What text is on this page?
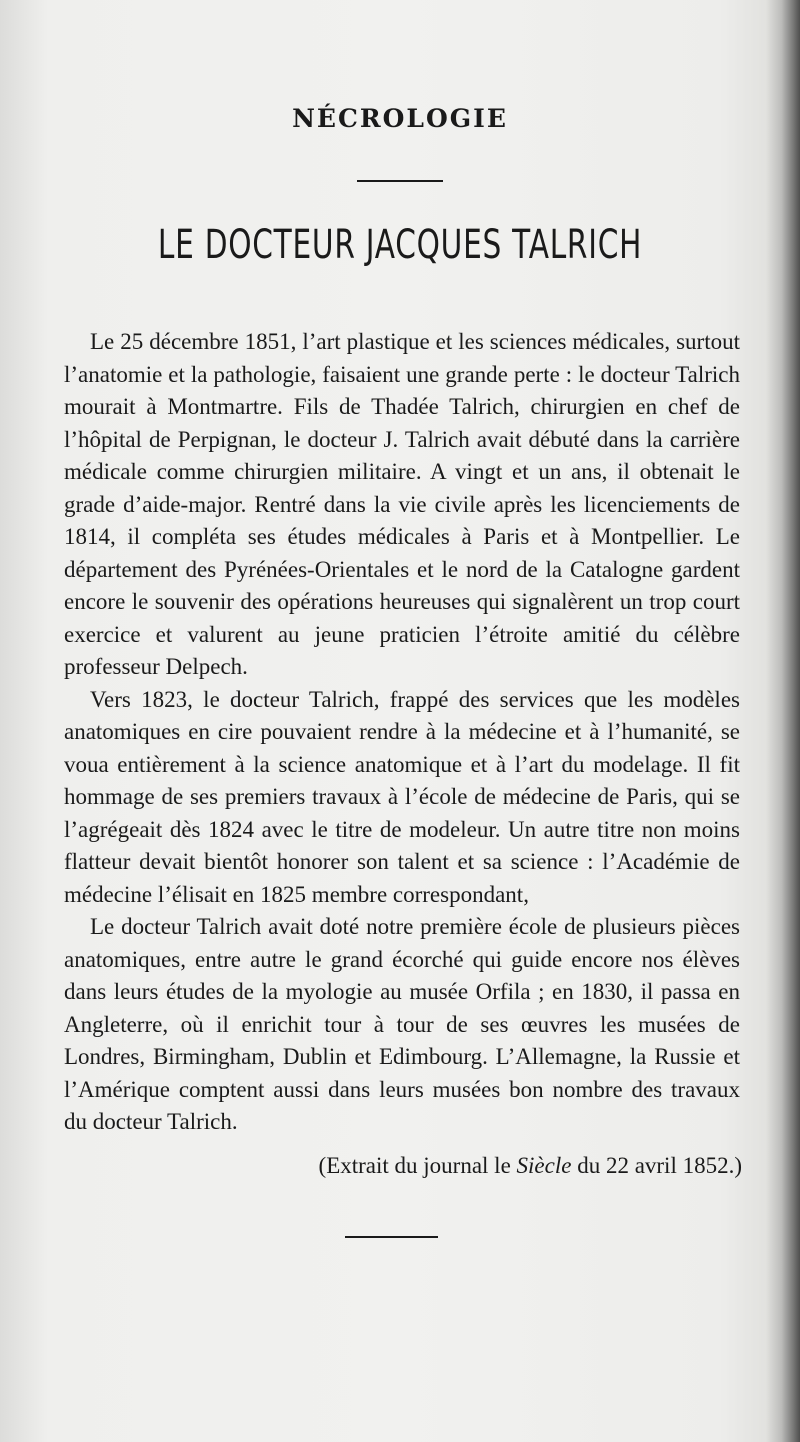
NÉCROLOGIE
LE DOCTEUR JACQUES TALRICH

Le 25 décembre 1851, l’art plastique et les sciences médicales, surtout l’anatomie et la pathologie, faisaient une grande perte : le docteur Talrich mourait à Montmartre. Fils de Thadée Talrich, chirurgien en chef de l’hôpital de Perpignan, le docteur J. Talrich avait débuté dans la carrière médicale comme chirurgien militaire. A vingt et un ans, il obtenait le grade d’aide-major. Rentré dans la vie civile après les licenciements de 1814, il compléta ses études médicales à Paris et à Montpellier. Le département des Pyrénées-Orientales et le nord de la Catalogne gardent encore le souvenir des opérations heureuses qui signalèrent un trop court exercice et valurent au jeune praticien l’étroite amitié du célèbre professeur Delpech.

Vers 1823, le docteur Talrich, frappé des services que les modèles anatomiques en cire pouvaient rendre à la médecine et à l’humanité, se voua entièrement à la science anatomique et à l’art du modelage. Il fit hommage de ses premiers travaux à l’école de médecine de Paris, qui se l’agrégeait dès 1824 avec le titre de modeleur. Un autre titre non moins flatteur devait bientôt honorer son talent et sa science : l’Académie de médecine l’élisait en 1825 membre correspondant,

Le docteur Talrich avait doté notre première école de plusieurs pièces anatomiques, entre autre le grand écorché qui guide encore nos élèves dans leurs études de la myologie au musée Orfila ; en 1830, il passa en Angleterre, où il enrichit tour à tour de ses œuvres les musées de Londres, Birmingham, Dublin et Edimbourg. L’Allemagne, la Russie et l’Amérique comptent aussi dans leurs musées bon nombre des travaux du docteur Talrich.

(Extrait du journal le Siècle du 22 avril 1852.)
